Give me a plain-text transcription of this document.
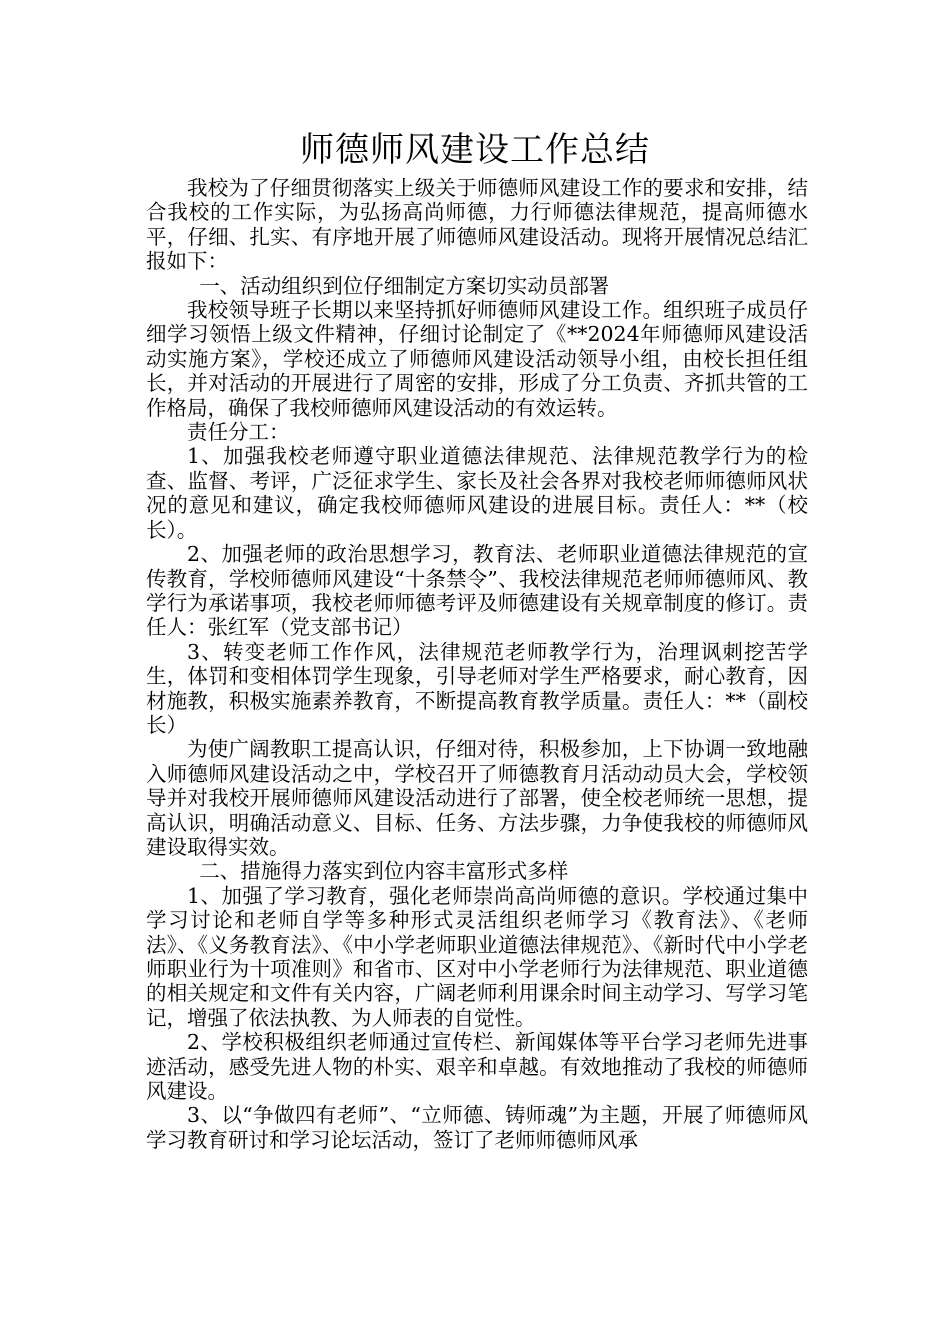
师德师风建设工作总结

我校为了仔细贯彻落实上级关于师德师风建设工作的要求和安排，结合我校的工作实际，为弘扬高尚师德，力行师德法律规范，提高师德水平，仔细、扎实、有序地开展了师德师风建设活动。现将开展情况总结汇报如下：

一、活动组织到位仔细制定方案切实动员部署

我校领导班子长期以来坚持抓好师德师风建设工作。组织班子成员仔细学习领悟上级文件精神，仔细讨论制定了《**2024年师德师风建设活动实施方案》，学校还成立了师德师风建设活动领导小组，由校长担任组长，并对活动的开展进行了周密的安排，形成了分工负责、齐抓共管的工作格局，确保了我校师德师风建设活动的有效运转。

责任分工：

1、加强我校老师遵守职业道德法律规范、法律规范教学行为的检查、监督、考评，广泛征求学生、家长及社会各界对我校老师师德师风状况的意见和建议，确定我校师德师风建设的进展目标。责任人：**（校长）。

2、加强老师的政治思想学习，教育法、老师职业道德法律规范的宣传教育，学校师德师风建设“十条禁令”、我校法律规范老师师德师风、教学行为承诺事项，我校老师师德考评及师德建设有关规章制度的修订。责任人：张红军（党支部书记）

3、转变老师工作作风，法律规范老师教学行为，治理讽刺挖苦学生，体罚和变相体罚学生现象，引导老师对学生严格要求，耐心教育，因材施教，积极实施素养教育，不断提高教育教学质量。责任人：**（副校长）

为使广阔教职工提高认识，仔细对待，积极参加，上下协调一致地融入师德师风建设活动之中，学校召开了师德教育月活动动员大会，学校领导并对我校开展师德师风建设活动进行了部署，使全校老师统一思想，提高认识，明确活动意义、目标、任务、方法步骤，力争使我校的师德师风建设取得实效。

二、措施得力落实到位内容丰富形式多样

1、加强了学习教育，强化老师崇尚高尚师德的意识。学校通过集中学习讨论和老师自学等多种形式灵活组织老师学习《教育法》、《老师法》、《义务教育法》、《中小学老师职业道德法律规范》、《新时代中小学老师职业行为十项准则》和省市、区对中小学老师行为法律规范、职业道德的相关规定和文件有关内容，广阔老师利用课余时间主动学习、写学习笔记，增强了依法执教、为人师表的自觉性。

2、学校积极组织老师通过宣传栏、新闻媒体等平台学习老师先进事迹活动，感受先进人物的朴实、艰辛和卓越。有效地推动了我校的师德师风建设。

3、以“争做四有老师”、“立师德、铸师魂”为主题，开展了师德师风学习教育研讨和学习论坛活动，签订了老师师德师风承
